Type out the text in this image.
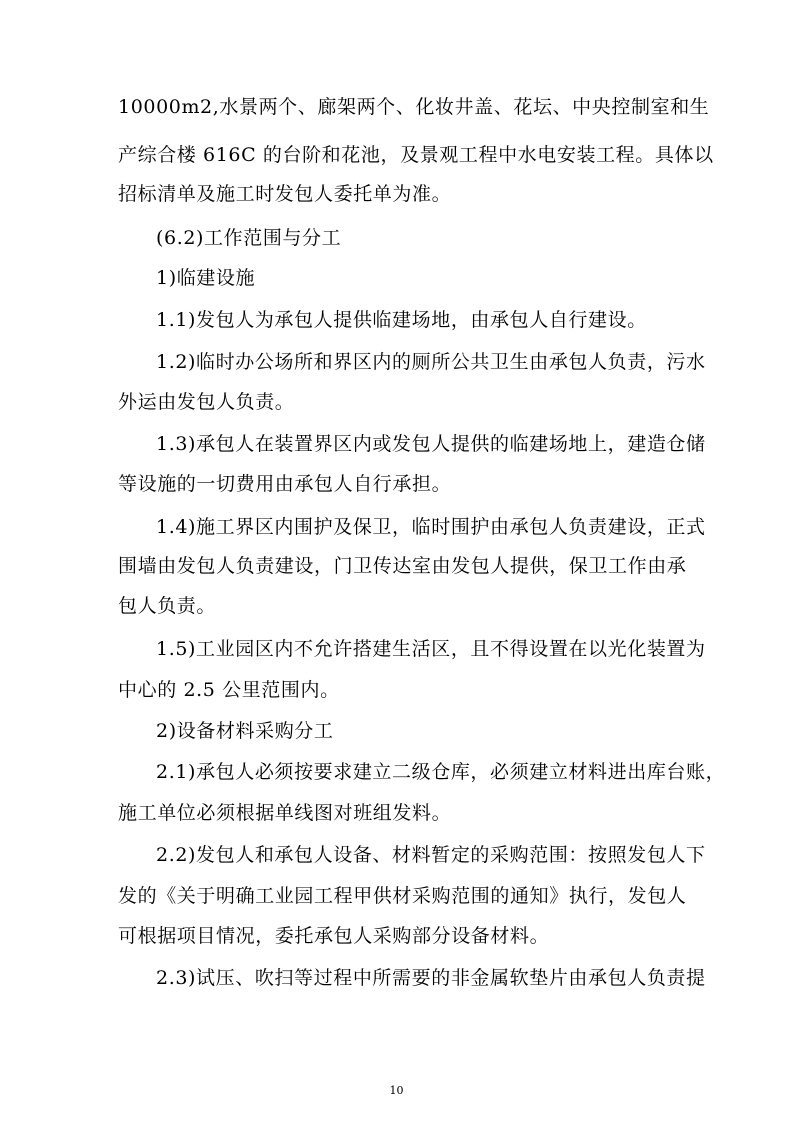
10000m2,水景两个、廊架两个、化妆井盖、花坛、中央控制室和生
产综合楼 616C 的台阶和花池，及景观工程中水电安装工程。具体以
招标清单及施工时发包人委托单为准。
(6.2)工作范围与分工
1)临建设施
1.1)发包人为承包人提供临建场地，由承包人自行建设。
1.2)临时办公场所和界区内的厕所公共卫生由承包人负责，污水
外运由发包人负责。
1.3)承包人在装置界区内或发包人提供的临建场地上，建造仓储
等设施的一切费用由承包人自行承担。
1.4)施工界区内围护及保卫，临时围护由承包人负责建设，正式
围墙由发包人负责建设，门卫传达室由发包人提供，保卫工作由承
包人负责。
1.5)工业园区内不允许搭建生活区，且不得设置在以光化装置为
中心的 2.5 公里范围内。
2)设备材料采购分工
2.1)承包人必须按要求建立二级仓库，必须建立材料进出库台账，
施工单位必须根据单线图对班组发料。
2.2)发包人和承包人设备、材料暂定的采购范围：按照发包人下
发的《关于明确工业园工程甲供材采购范围的通知》执行，发包人
可根据项目情况，委托承包人采购部分设备材料。
2.3)试压、吹扫等过程中所需要的非金属软垫片由承包人负责提
10
